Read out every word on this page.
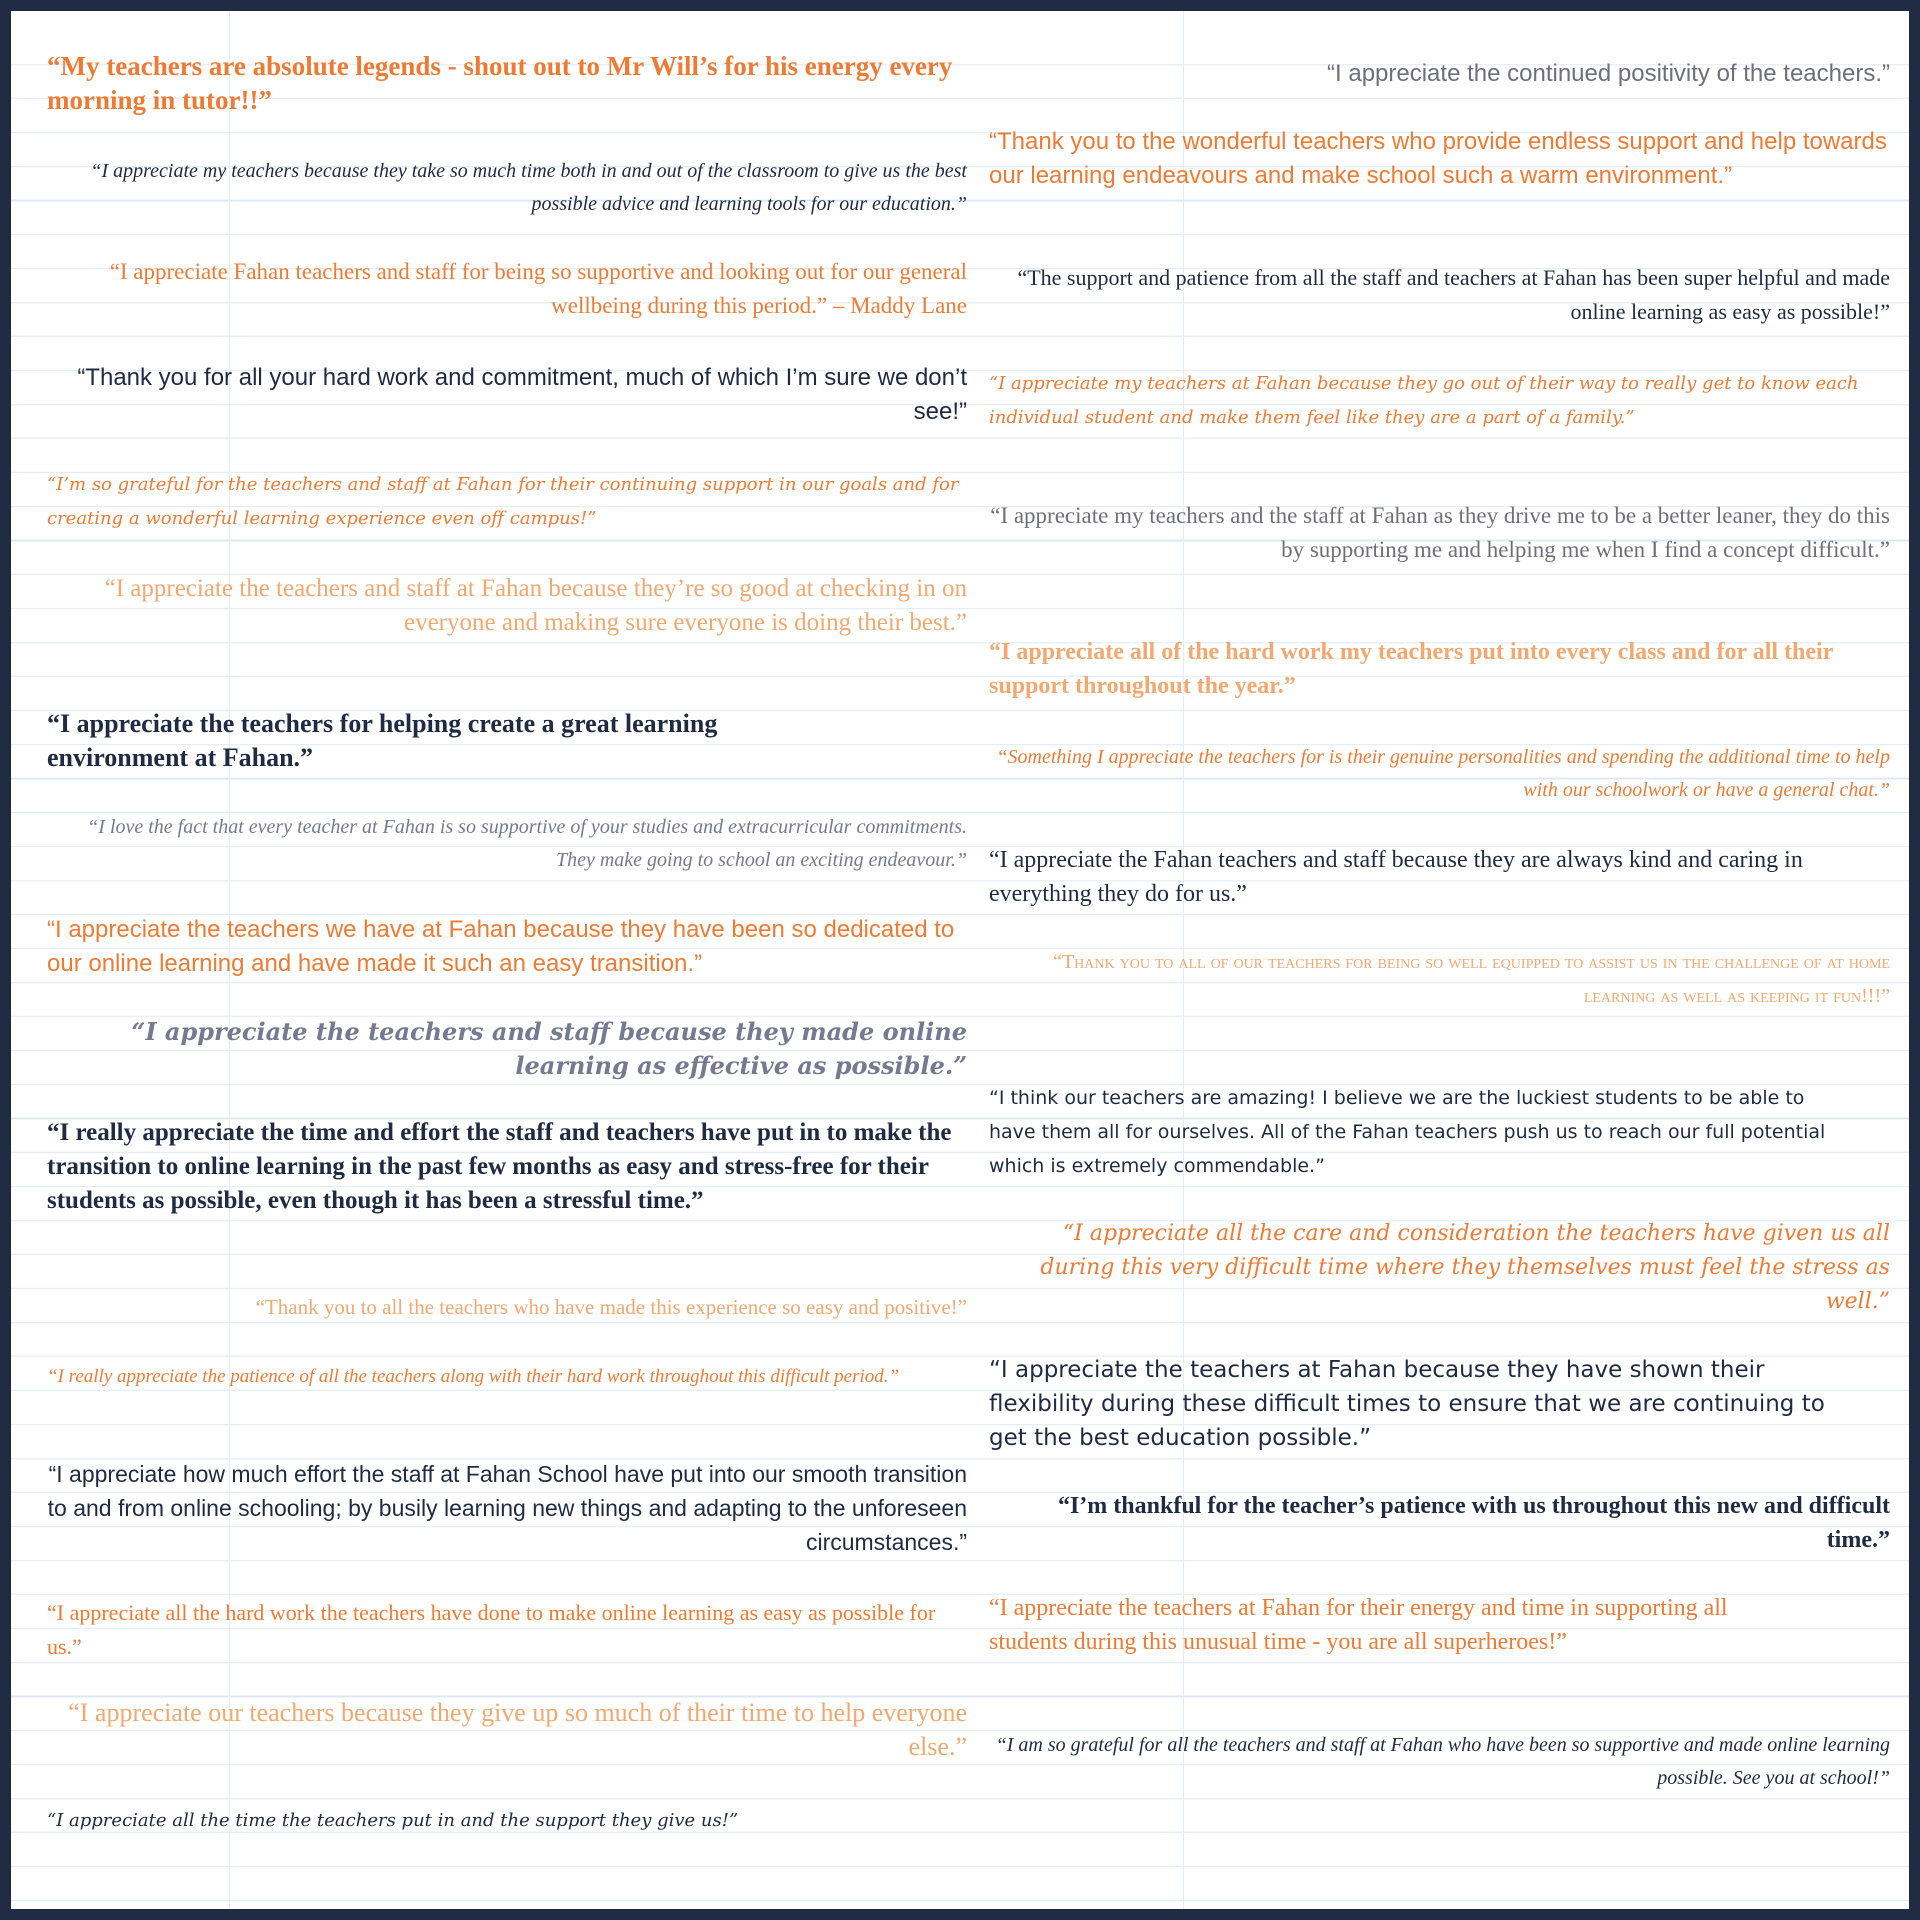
“My teachers are absolute legends - shout out to Mr Will’s for his energy every morning in tutor!!”

“I appreciate my teachers because they take so much time both in and out of the classroom to give us the best possible advice and learning tools for our education.”

“I appreciate Fahan teachers and staff for being so supportive and looking out for our general wellbeing during this period.” – Maddy Lane

“Thank you for all your hard work and commitment, much of which I’m sure we don’t see!”

“I’m so grateful for the teachers and staff at Fahan for their continuing support in our goals and for creating a wonderful learning experience even off campus!”

“I appreciate the teachers and staff at Fahan because they’re so good at checking in on everyone and making sure everyone is doing their best.”

“I appreciate the teachers for helping create a great learning environment at Fahan.”

“I love the fact that every teacher at Fahan is so supportive of your studies and extracurricular commitments. They make going to school an exciting endeavour.”

“I appreciate the teachers we have at Fahan because they have been so dedicated to our online learning and have made it such an easy transition.”

“I appreciate the teachers and staff because they made online learning as effective as possible.”

“I really appreciate the time and effort the staff and teachers have put in to make the transition to online learning in the past few months as easy and stress-free for their students as possible, even though it has been a stressful time.”

“Thank you to all the teachers who have made this experience so easy and positive!”

“I really appreciate the patience of all the teachers along with their hard work throughout this difficult period.”

“I appreciate how much effort the staff at Fahan School have put into our smooth transition to and from online schooling; by busily learning new things and adapting to the unforeseen circumstances.”

“I appreciate all the hard work the teachers have done to make online learning as easy as possible for us.”

“I appreciate our teachers because they give up so much of their time to help everyone else.”

“I appreciate all the time the teachers put in and the support they give us!”

“I appreciate the continued positivity of the teachers.”

“Thank you to the wonderful teachers who provide endless support and help towards our learning endeavours and make school such a warm environment.”

“The support and patience from all the staff and teachers at Fahan has been super helpful and made online learning as easy as possible!”

“I appreciate my teachers at Fahan because they go out of their way to really get to know each individual student and make them feel like they are a part of a family.”

“I appreciate my teachers and the staff at Fahan as they drive me to be a better leaner, they do this by supporting me and helping me when I find a concept difficult.”

“I appreciate all of the hard work my teachers put into every class and for all their support throughout the year.”

“Something I appreciate the teachers for is their genuine personalities and spending the additional time to help with our schoolwork or have a general chat.”

“I appreciate the Fahan teachers and staff because they are always kind and caring in everything they do for us.”

“Thank you to all of our teachers for being so well equipped to assist us in the challenge of at home learning as well as keeping it fun!!!”

“I think our teachers are amazing! I believe we are the luckiest students to be able to have them all for ourselves. All of the Fahan teachers push us to reach our full potential which is extremely commendable.”

“I appreciate all the care and consideration the teachers have given us all during this very difficult time where they themselves must feel the stress as well.”

“I appreciate the teachers at Fahan because they have shown their flexibility during these difficult times to ensure that we are continuing to get the best education possible.”

“I’m thankful for the teacher’s patience with us throughout this new and difficult time.”

“I appreciate the teachers at Fahan for their energy and time in supporting all students during this unusual time - you are all superheroes!”

“I am so grateful for all the teachers and staff at Fahan who have been so supportive and made online learning possible. See you at school!”
